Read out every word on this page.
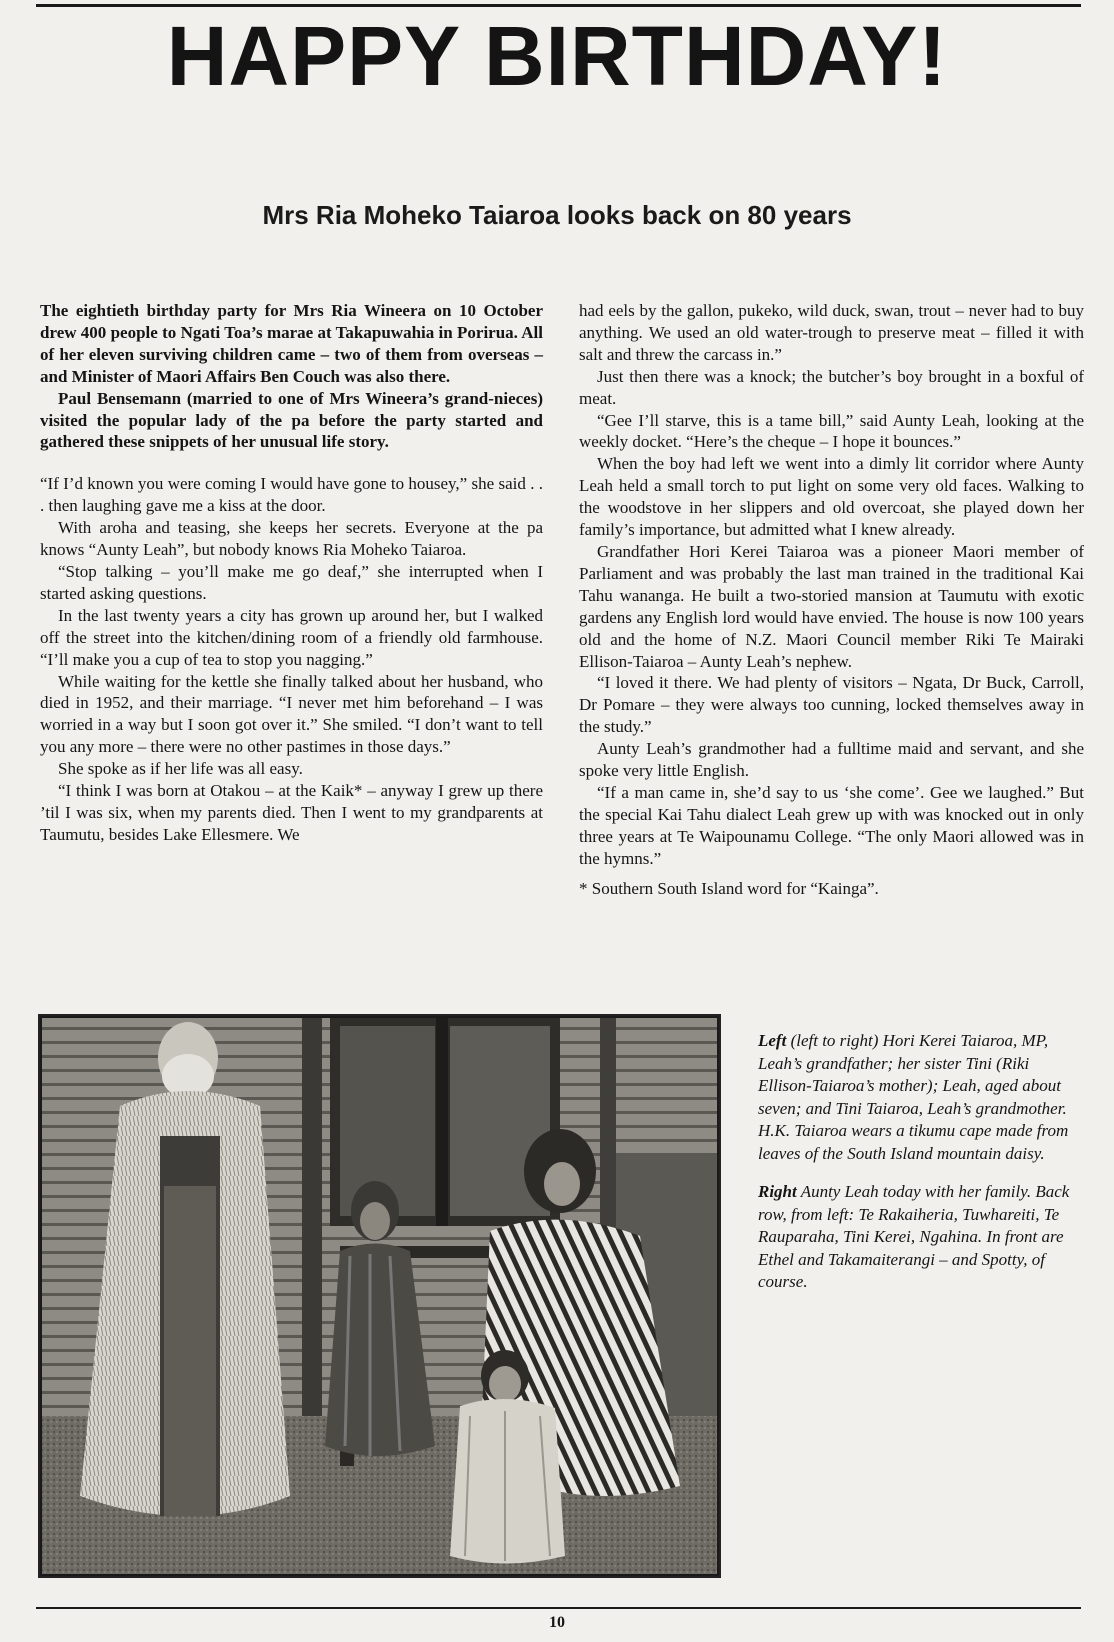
HAPPY BIRTHDAY!
Mrs Ria Moheko Taiaroa looks back on 80 years

The eightieth birthday party for Mrs Ria Wineera on 10 October drew 400 people to Ngati Toa’s marae at Takapuwahia in Porirua. All of her eleven surviving children came – two of them from overseas – and Minister of Maori Affairs Ben Couch was also there.

Paul Bensemann (married to one of Mrs Wineera’s grand-nieces) visited the popular lady of the pa before the party started and gathered these snippets of her unusual life story.

“If I’d known you were coming I would have gone to housey,” she said . . . then laughing gave me a kiss at the door.

With aroha and teasing, she keeps her secrets. Everyone at the pa knows “Aunty Leah”, but nobody knows Ria Moheko Taiaroa.

“Stop talking – you’ll make me go deaf,” she interrupted when I started asking questions.

In the last twenty years a city has grown up around her, but I walked off the street into the kitchen/dining room of a friendly old farmhouse. “I’ll make you a cup of tea to stop you nagging.”

While waiting for the kettle she finally talked about her husband, who died in 1952, and their marriage. “I never met him beforehand – I was worried in a way but I soon got over it.” She smiled. “I don’t want to tell you any more – there were no other pastimes in those days.”

She spoke as if her life was all easy.

“I think I was born at Otakou – at the Kaik* – anyway I grew up there ’til I was six, when my parents died. Then I went to my grandparents at Taumutu, besides Lake Ellesmere. We

had eels by the gallon, pukeko, wild duck, swan, trout – never had to buy anything. We used an old water-trough to preserve meat – filled it with salt and threw the carcass in.”

Just then there was a knock; the butcher’s boy brought in a boxful of meat.

“Gee I’ll starve, this is a tame bill,” said Aunty Leah, looking at the weekly docket. “Here’s the cheque – I hope it bounces.”

When the boy had left we went into a dimly lit corridor where Aunty Leah held a small torch to put light on some very old faces. Walking to the woodstove in her slippers and old overcoat, she played down her family’s importance, but admitted what I knew already.

Grandfather Hori Kerei Taiaroa was a pioneer Maori member of Parliament and was probably the last man trained in the traditional Kai Tahu wananga. He built a two-storied mansion at Taumutu with exotic gardens any English lord would have envied. The house is now 100 years old and the home of N.Z. Maori Council member Riki Te Mairaki Ellison-Taiaroa – Aunty Leah’s nephew.

“I loved it there. We had plenty of visitors – Ngata, Dr Buck, Carroll, Dr Pomare – they were always too cunning, locked themselves away in the study.”

Aunty Leah’s grandmother had a fulltime maid and servant, and she spoke very little English.

“If a man came in, she’d say to us ‘she come’. Gee we laughed.” But the special Kai Tahu dialect Leah grew up with was knocked out in only three years at Te Waipounamu College. “The only Maori allowed was in the hymns.”

* Southern South Island word for “Kainga”.

Left (left to right) Hori Kerei Taiaroa, MP, Leah’s grandfather; her sister Tini (Riki Ellison-Taiaroa’s mother); Leah, aged about seven; and Tini Taiaroa, Leah’s grandmother.
H.K. Taiaroa wears a tikumu cape made from leaves of the South Island mountain daisy.

Right Aunty Leah today with her family. Back row, from left: Te Rakaiheria, Tuwhareiti, Te Rauparaha, Tini Kerei, Ngahina. In front are Ethel and Takamaiterangi – and Spotty, of course.

10
